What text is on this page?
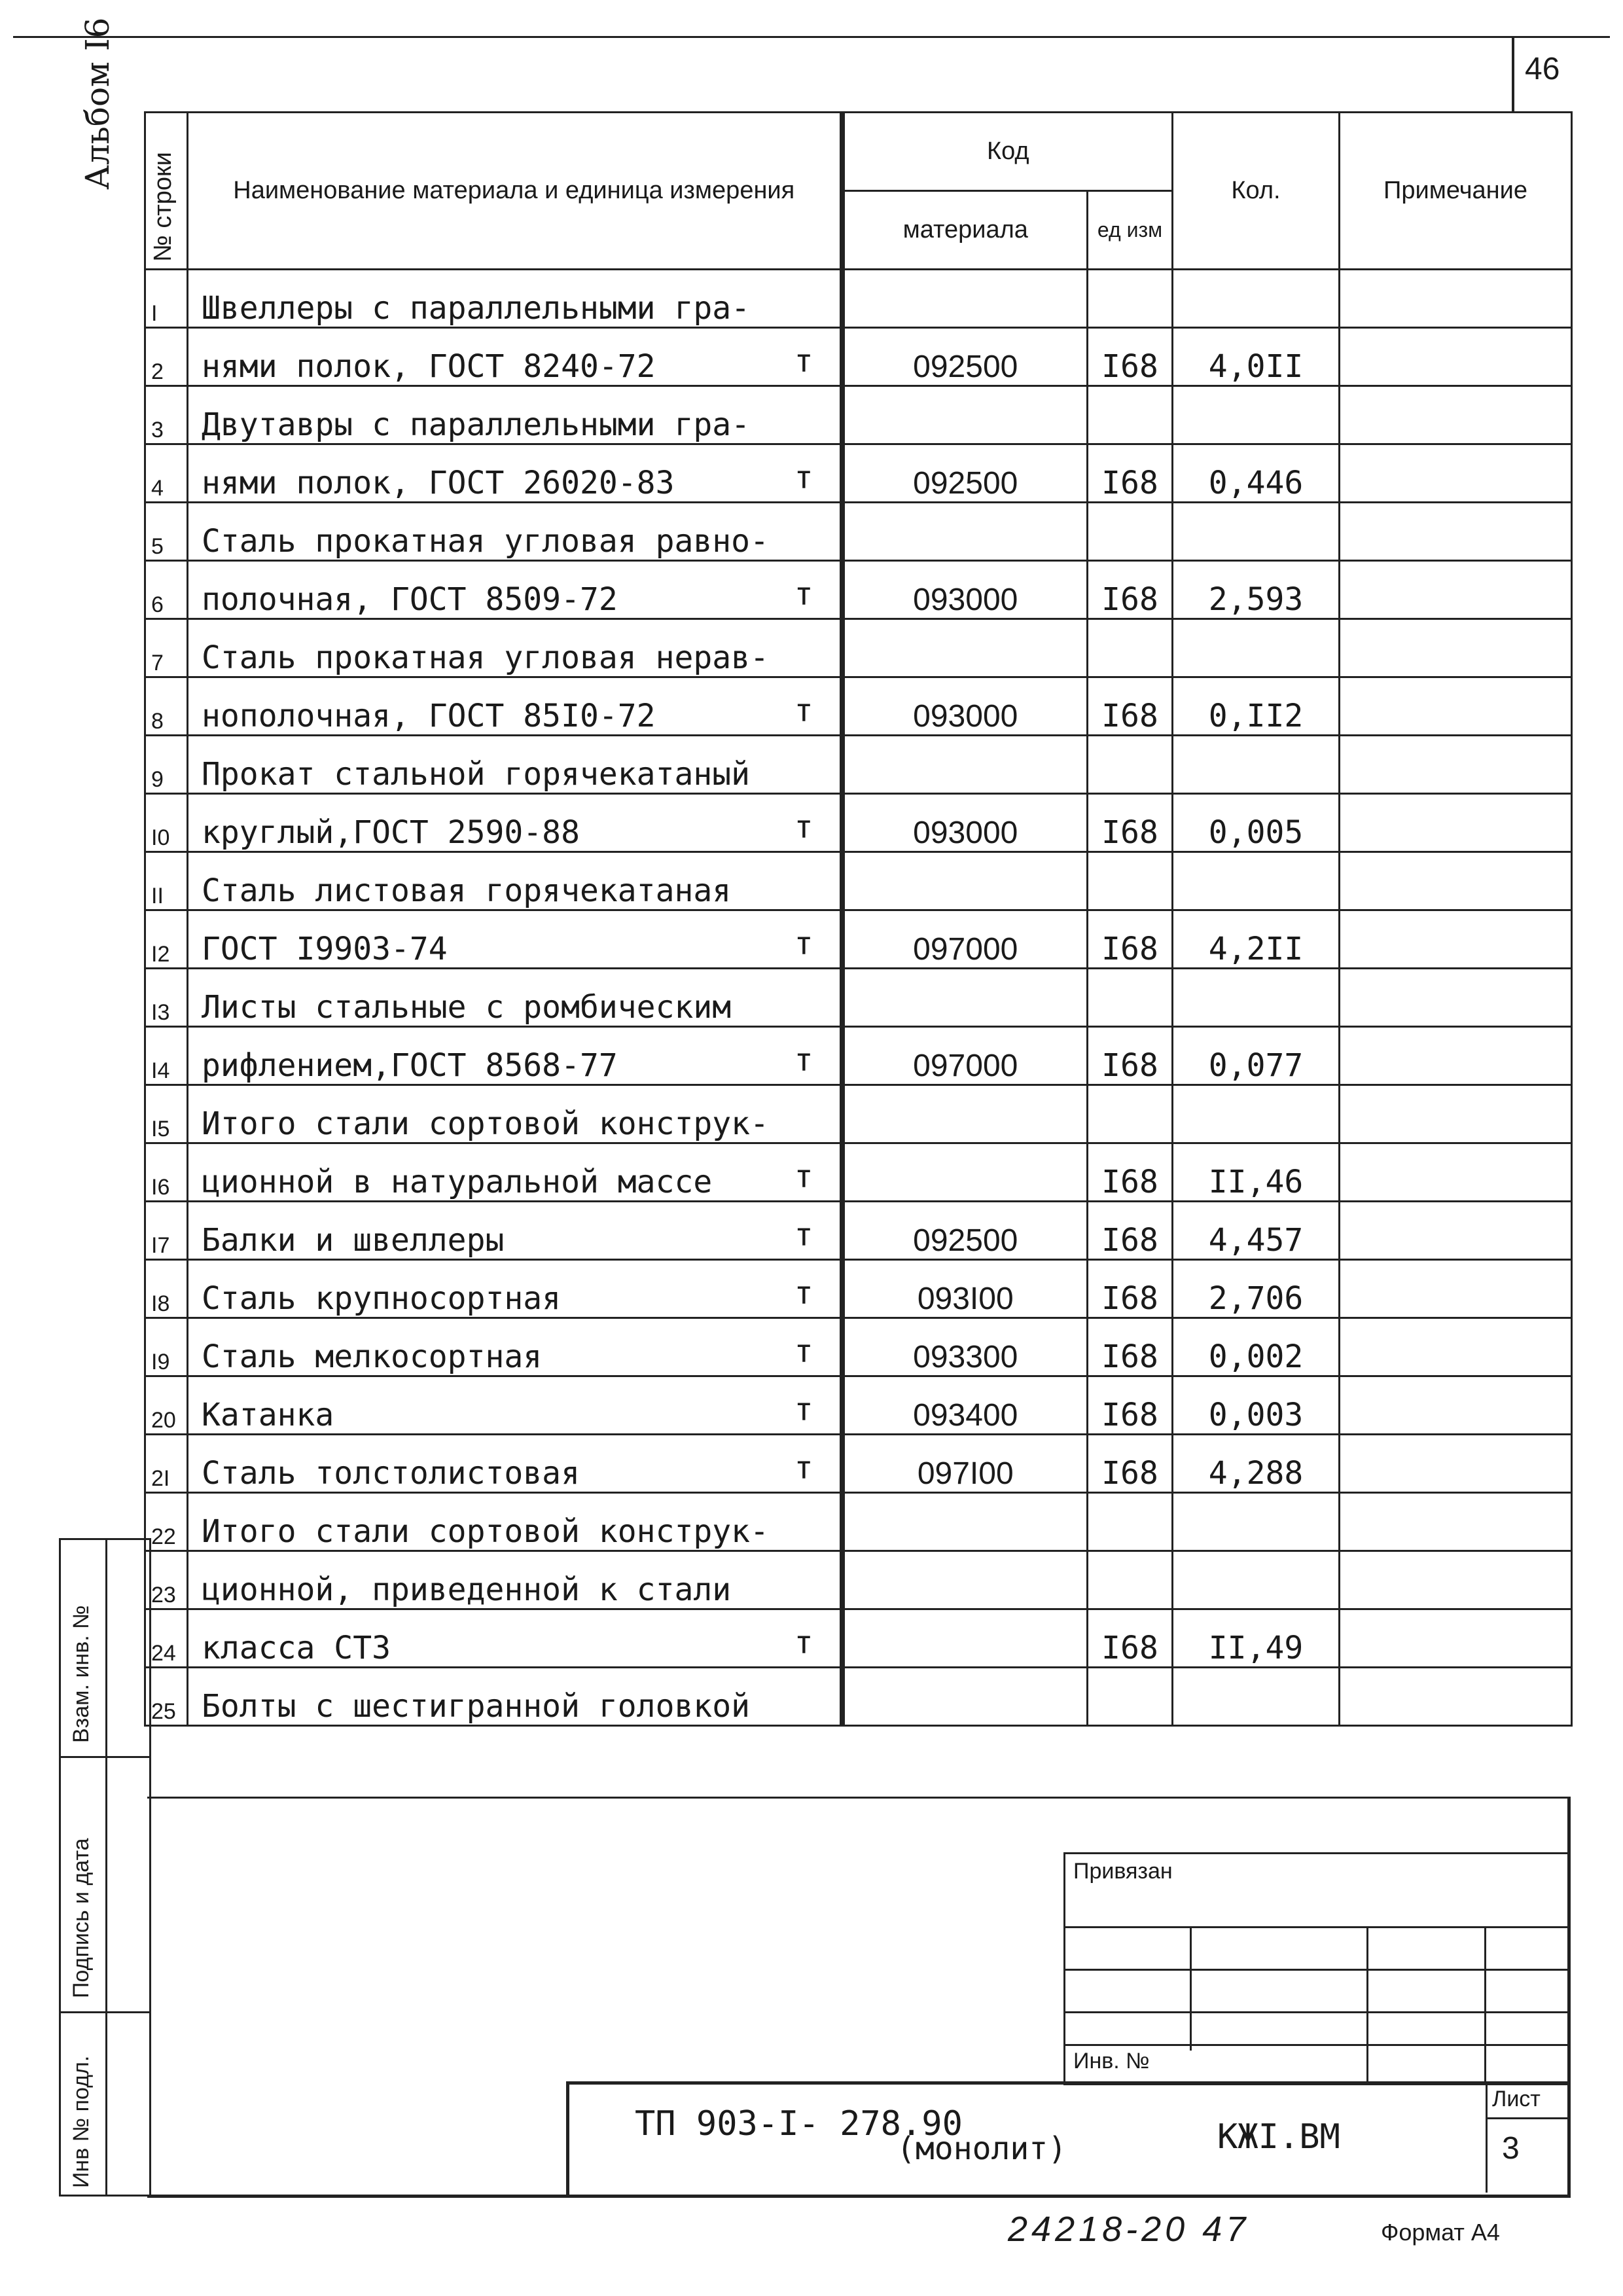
46
Альбом I6
№ строки	Наименование материала и единица измерения	Код		Кол.	Примечание
		материала	ед изм		
I	Швеллеры с параллельными гра-

2	нями полок, ГОСТ 8240-72 т	092500	I68	4,0II	
3	Двутавры с параллельными гра-

4	нями полок, ГОСТ 26020-83 т	092500	I68	0,446	
5	Сталь прокатная угловая равно-

6	полочная, ГОСТ 8509-72 т	093000	I68	2,593	
7	Сталь прокатная угловая нерав-

8	нополочная, ГОСТ 85I0-72 т	093000	I68	0,II2	
9	Прокат стальной горячекатаный

I0	круглый,ГОСТ 2590-88 т	093000	I68	0,005	
II	Сталь листовая горячекатаная

I2	ГОСТ I9903-74 т	097000	I68	4,2II	
I3	Листы стальные с ромбическим

I4	рифлением,ГОСТ 8568-77 т	097000	I68	0,077	
I5	Итого стали сортовой конструк-

I6	ционной в натуральной массе т		I68	II,46	
I7	Балки и швеллеры т	092500	I68	4,457	
I8	Сталь крупносортная т	093I00	I68	2,706	
I9	Сталь мелкосортная т	093300	I68	0,002	
20	Катанка т	093400	I68	0,003	
2I	Сталь толстолистовая т	097I00	I68	4,288	
22	Итого стали сортовой конструк-

23	ционной, приведенной к стали

24	класса СТ3 т		I68	II,49	
25	Болты с шестигранной головкой

Взам. инв. №
Подпись и дата
Инв № подл.
Привязан
Инв. №
ТП 903-I- 278.90
(монолит)	КЖI.ВМ
Лист
3
24218-20 47	Формат А4
